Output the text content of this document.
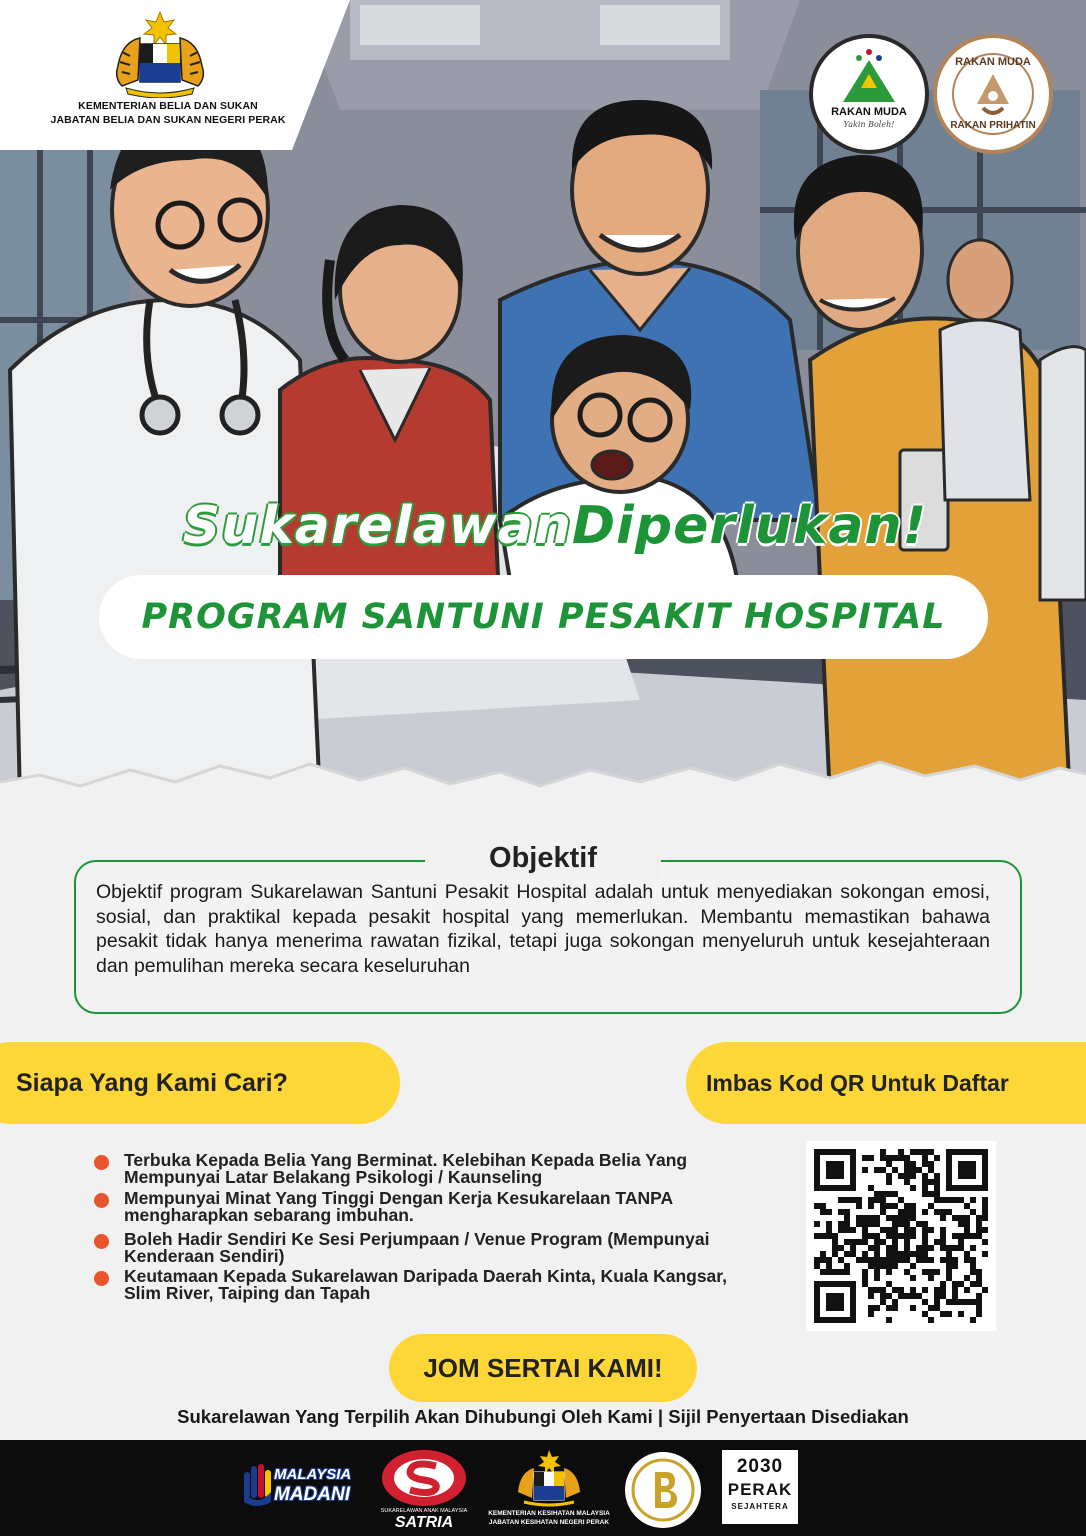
KEMENTERIAN BELIA DAN SUKAN
JABATAN BELIA DAN SUKAN NEGERI PERAK
RAKAN MUDA
Yakin Boleh!
RAKAN MUDA
RAKAN PRIHATIN
SukarelawanDiperlukan!
PROGRAM SANTUNI PESAKIT HOSPITAL
Objektif
Objektif program Sukarelawan Santuni Pesakit Hospital adalah untuk menyediakan sokongan emosi, sosial, dan praktikal kepada pesakit hospital yang memerlukan. Membantu memastikan bahawa pesakit tidak hanya menerima rawatan fizikal, tetapi juga sokongan menyeluruh untuk kesejahteraan dan pemulihan mereka secara keseluruhan
Siapa Yang Kami Cari?	Imbas Kod QR Untuk Daftar
Terbuka Kepada Belia Yang Berminat. Kelebihan Kepada Belia Yang Mempunyai Latar Belakang Psikologi / Kaunseling
Mempunyai Minat Yang Tinggi Dengan Kerja Kesukarelaan TANPA mengharapkan sebarang imbuhan.
Boleh Hadir Sendiri Ke Sesi Perjumpaan / Venue Program (Mempunyai Kenderaan Sendiri)
Keutamaan Kepada Sukarelawan Daripada Daerah Kinta, Kuala Kangsar, Slim River, Taiping dan Tapah
JOM SERTAI KAMI!
Sukarelawan Yang Terpilih Akan Dihubungi Oleh Kami | Sijil Penyertaan Disediakan
MALAYSIA
MADANI
SUKARELAWAN ANAK MALAYSIA
SATRIA
KEMENTERIAN KESIHATAN MALAYSIA
JABATAN KESIHATAN NEGERI PERAK
2030
PERAK
SEJAHTERA
